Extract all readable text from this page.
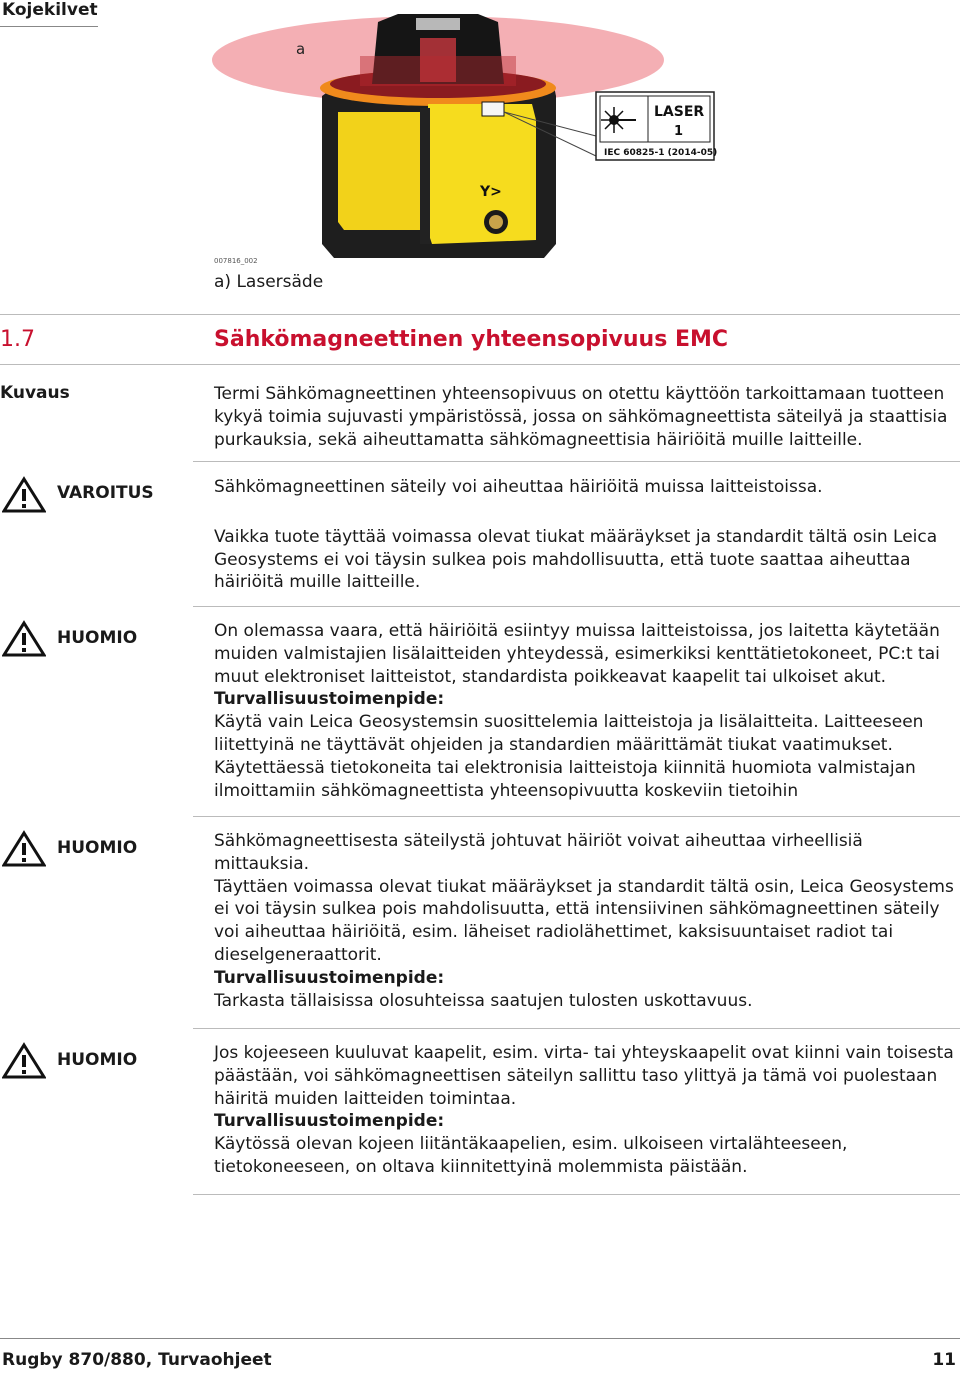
Kojekilvet
a
Y>
LASER
1
IEC 60825-1 (2014-05)
007816_002
a) Lasersäde
1.7	Sähkömagneettinen yhteensopivuus EMC
Kuvaus	Termi Sähkömagneettinen yhteensopivuus on otettu käyttöön tarkoittamaan tuotteen kykyä toimia sujuvasti ympäristössä, jossa on sähkömagneettista säteilyä ja staattisia purkauksia, sekä aiheuttamatta sähkömagneettisia häiriöitä muille laitteille.

VAROITUS	Sähkömagneettinen säteily voi aiheuttaa häiriöitä muissa laitteistoissa.

Vaikka tuote täyttää voimassa olevat tiukat määräykset ja standardit tältä osin Leica Geosystems ei voi täysin sulkea pois mahdollisuutta, että tuote saattaa aiheuttaa häiriöitä muille laitteille.

HUOMIO	On olemassa vaara, että häiriöitä esiintyy muissa laitteistoissa, jos laitetta käytetään muiden valmistajien lisälaitteiden yhteydessä, esimerkiksi kenttätietokoneet, PC:t tai muut elektroniset laitteistot, standardista poikkeavat kaapelit tai ulkoiset akut.

Turvallisuustoimenpide:

Käytä vain Leica Geosystemsin suosittelemia laitteistoja ja lisälaitteita. Laitteeseen liitettyinä ne täyttävät ohjeiden ja standardien määrittämät tiukat vaatimukset. Käytettäessä tietokoneita tai elektronisia laitteistoja kiinnitä huomiota valmistajan ilmoittamiin sähkömagneettista yhteensopivuutta koskeviin tietoihin

HUOMIO	Sähkömagneettisesta säteilystä johtuvat häiriöt voivat aiheuttaa virheellisiä mittauksia.

Täyttäen voimassa olevat tiukat määräykset ja standardit tältä osin, Leica Geosystems ei voi täysin sulkea pois mahdolisuutta, että intensiivinen sähkömagneettinen säteily voi aiheuttaa häiriöitä, esim. läheiset radiolähettimet, kaksisuuntaiset radiot tai dieselgeneraattorit.

Turvallisuustoimenpide:

Tarkasta tällaisissa olosuhteissa saatujen tulosten uskottavuus.

HUOMIO	Jos kojeeseen kuuluvat kaapelit, esim. virta- tai yhteyskaapelit ovat kiinni vain toisesta päästään, voi sähkömagneettisen säteilyn sallittu taso ylittyä ja tämä voi puolestaan häiritä muiden laitteiden toimintaa.

Turvallisuustoimenpide:

Käytössä olevan kojeen liitäntäkaapelien, esim. ulkoiseen virtalähteeseen, tietokoneeseen, on oltava kiinnitettyinä molemmista päistään.

Rugby 870/880, Turvaohjeet	11
